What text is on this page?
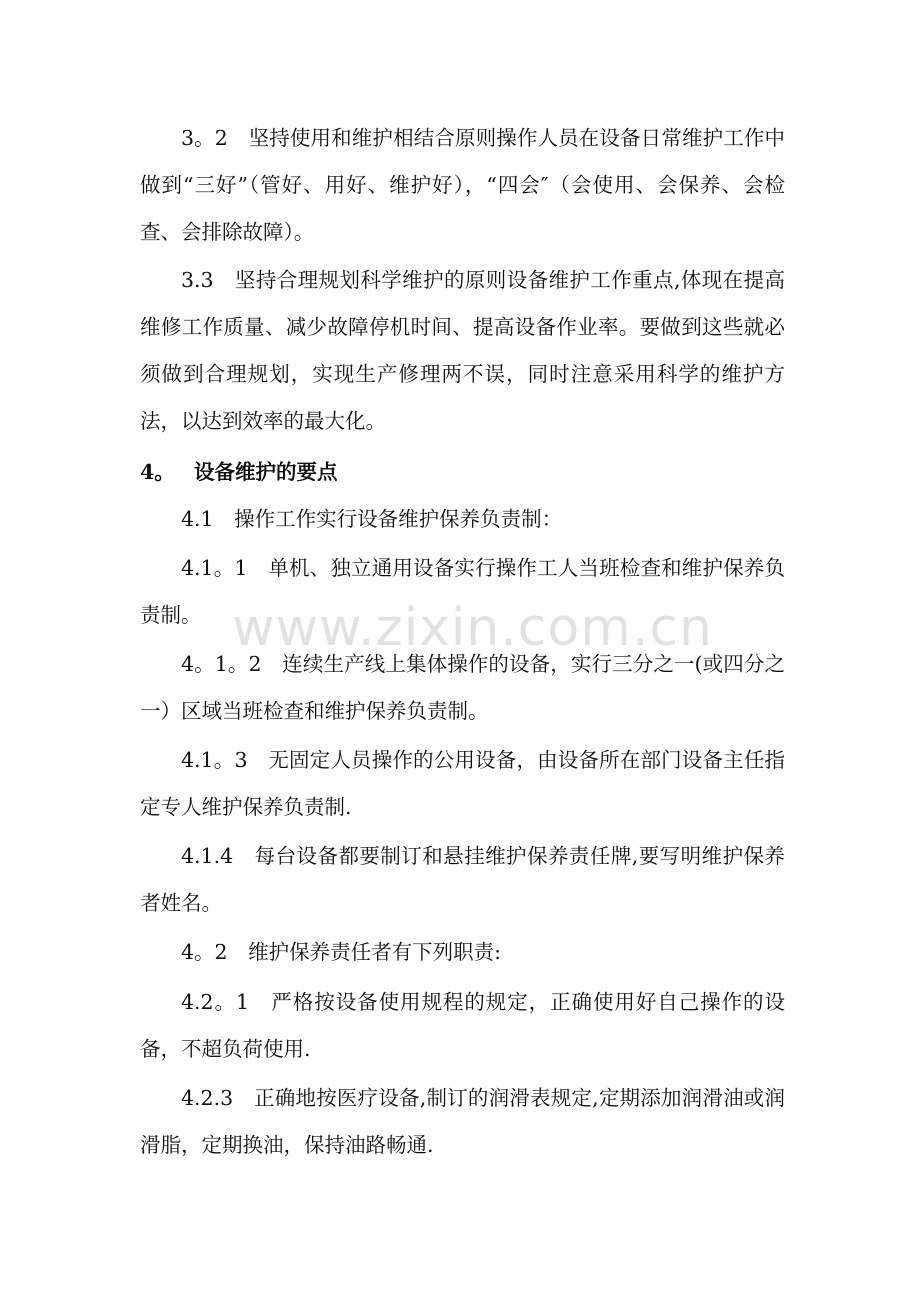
3。2　坚持使用和维护相结合原则操作人员在设备日常维护工作中做到“三好”（管好、用好、维护好），“四会″（会使用、会保养、会检查、会排除故障）。

3.3　坚持合理规划科学维护的原则设备维护工作重点,体现在提高维修工作质量、减少故障停机时间、提高设备作业率。要做到这些就必须做到合理规划，实现生产修理两不误，同时注意采用科学的维护方法，以达到效率的最大化。

4。 设备维护的要点

4.1　操作工作实行设备维护保养负责制：

4.1。1　单机、独立通用设备实行操作工人当班检查和维护保养负责制。

4。1。2　连续生产线上集体操作的设备，实行三分之一(或四分之一）区域当班检查和维护保养负责制。

4.1。3　无固定人员操作的公用设备，由设备所在部门设备主任指定专人维护保养负责制.

4.1.4　每台设备都要制订和悬挂维护保养责任牌,要写明维护保养者姓名。

4。2　维护保养责任者有下列职责:

4.2。1　严格按设备使用规程的规定，正确使用好自己操作的设备，不超负荷使用.

4.2.3　正确地按医疗设备,制订的润滑表规定,定期添加润滑油或润滑脂，定期换油，保持油路畅通.

www.zixin.com.cn
